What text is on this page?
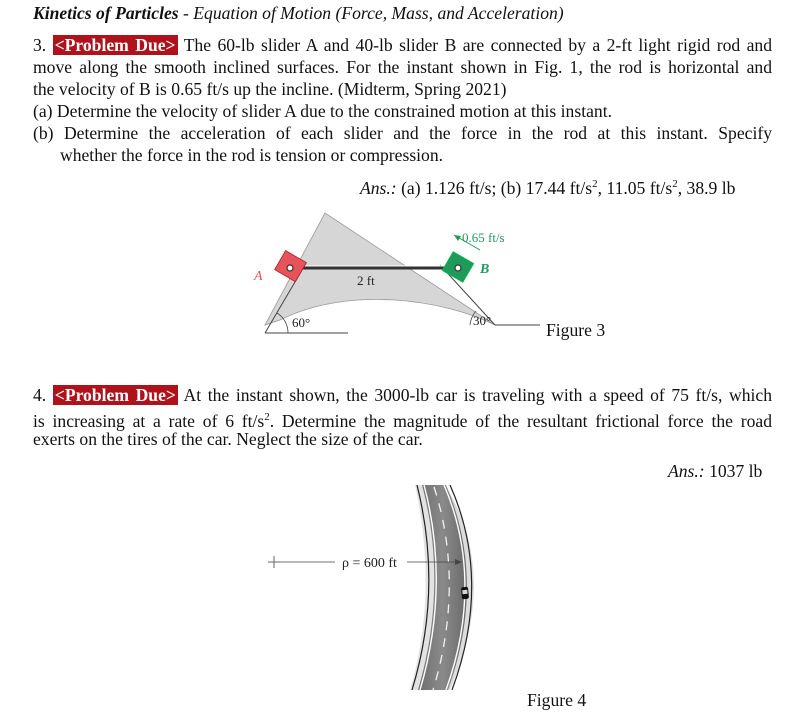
Kinetics of Particles - Equation of Motion (Force, Mass, and Acceleration)
3. <Problem Due> The 60-lb slider A and 40-lb slider B are connected by a 2-ft light rigid rod and
move along the smooth inclined surfaces. For the instant shown in Fig. 1, the rod is horizontal and
the velocity of B is 0.65 ft/s up the incline. (Midterm, Spring 2021)
(a) Determine the velocity of slider A due to the constrained motion at this instant.
(b) Determine the acceleration of each slider and the force in the rod at this instant. Specify
whether the force in the rod is tension or compression.
Ans.: (a) 1.126 ft/s; (b) 17.44 $ft/s^2$, 11.05 $ft/s^2$, 38.9 lb
A	B
2 ft
0.65 ft/s
60°	30°	Figure 3
4. <Problem Due> At the instant shown, the 3000-lb car is traveling with a speed of 75 ft/s, which
is increasing at a rate of 6 $ft/s^2$. Determine the magnitude of the resultant frictional force the road
exerts on the tires of the car. Neglect the size of the car.
Ans.: 1037 lb
ρ = 600 ft
Figure 4
